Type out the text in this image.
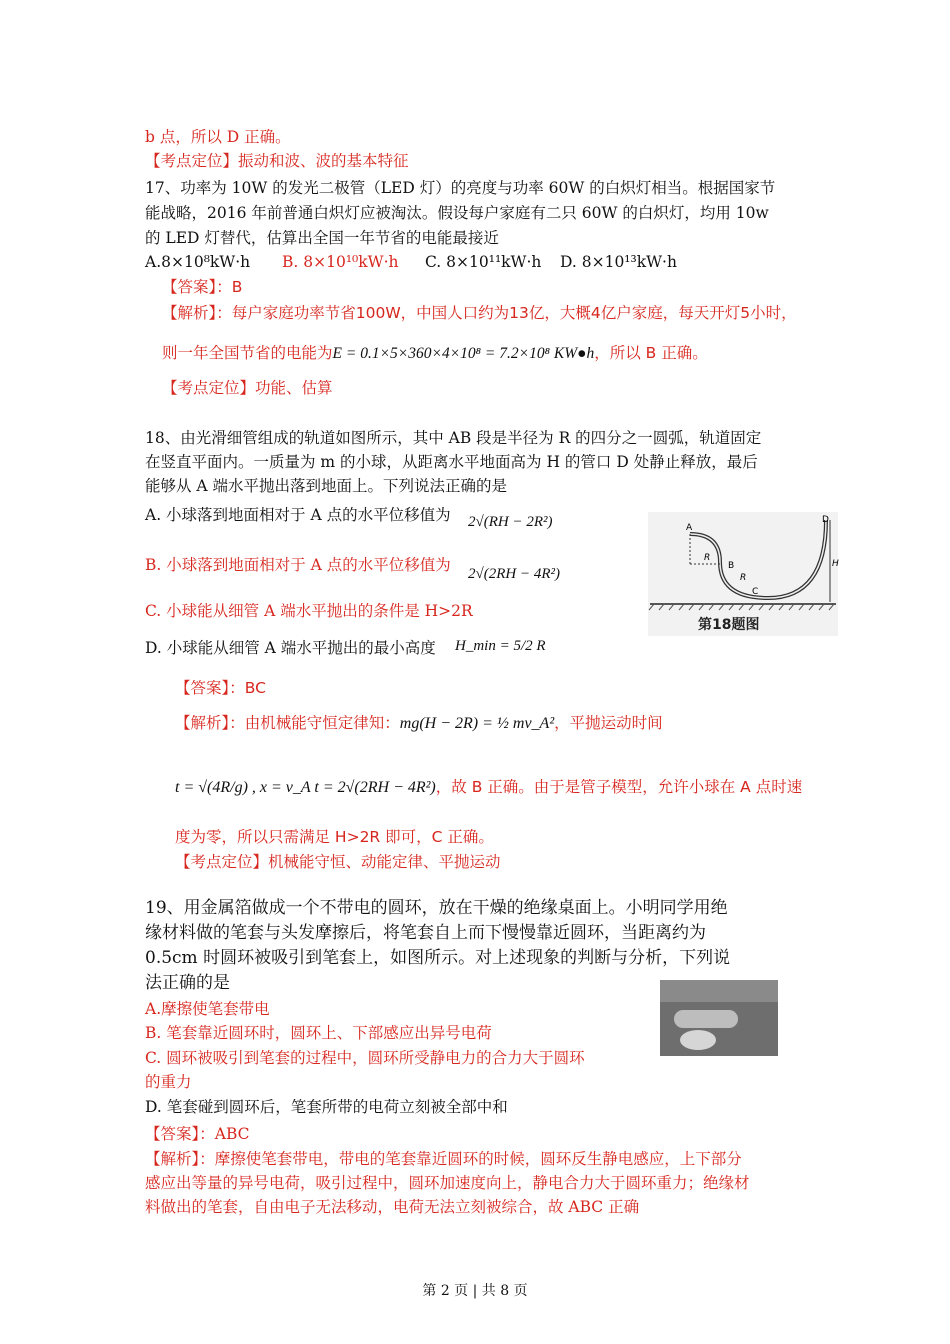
b 点，所以 D 正确。
【考点定位】振动和波、波的基本特征
17、功率为 10W 的发光二极管（LED 灯）的亮度与功率 60W 的白炽灯相当。根据国家节
能战略，2016 年前普通白炽灯应被淘汰。假设每户家庭有二只 60W 的白炽灯，均用 10w
的 LED 灯替代，估算出全国一年节省的电能最接近
A.8×10⁸kW·h B. 8×10¹⁰kW·h C. 8×10¹¹kW·h D. 8×10¹³kW·h
【答案】：B
【解析】：每户家庭功率节省100W，中国人口约为13亿，大概4亿户家庭，每天开灯5小时，
则一年全国节省的电能为E = 0.1×5×360×4×10⁸ = 7.2×10⁸ KW●h，所以 B 正确。
【考点定位】功能、估算
18、由光滑细管组成的轨道如图所示，其中 AB 段是半径为 R 的四分之一圆弧，轨道固定
在竖直平面内。一质量为 m 的小球，从距离水平地面高为 H 的管口 D 处静止释放，最后
能够从 A 端水平抛出落到地面上。下列说法正确的是
A. 小球落到地面相对于 A 点的水平位移值为 2√(RH − 2R²)
B. 小球落到地面相对于 A 点的水平位移值为 2√(2RH − 4R²)
C. 小球能从细管 A 端水平抛出的条件是 H>2R
D. 小球能从细管 A 端水平抛出的最小高度 H_min = 5/2 R
A
B
C
D
R
R
H
第18题图
【答案】：BC
【解析】：由机械能守恒定律知：mg(H − 2R) = ½ mv_A²，平抛运动时间
t = √(4R/g) , x = v_A t = 2√(2RH − 4R²)，故 B 正确。由于是管子模型，允许小球在 A 点时速
度为零，所以只需满足 H>2R 即可，C 正确。
【考点定位】机械能守恒、动能定律、平抛运动
19、用金属箔做成一个不带电的圆环，放在干燥的绝缘桌面上。小明同学用绝
缘材料做的笔套与头发摩擦后，将笔套自上而下慢慢靠近圆环，当距离约为
0.5cm 时圆环被吸引到笔套上，如图所示。对上述现象的判断与分析，下列说
法正确的是
A.摩擦使笔套带电
B. 笔套靠近圆环时，圆环上、下部感应出异号电荷
C. 圆环被吸引到笔套的过程中，圆环所受静电力的合力大于圆环
的重力
D. 笔套碰到圆环后，笔套所带的电荷立刻被全部中和
【答案】：ABC
【解析】：摩擦使笔套带电，带电的笔套靠近圆环的时候，圆环反生静电感应，上下部分
感应出等量的异号电荷，吸引过程中，圆环加速度向上，静电合力大于圆环重力；绝缘材
料做出的笔套，自由电子无法移动，电荷无法立刻被综合，故 ABC 正确
第 2 页 | 共 8 页
